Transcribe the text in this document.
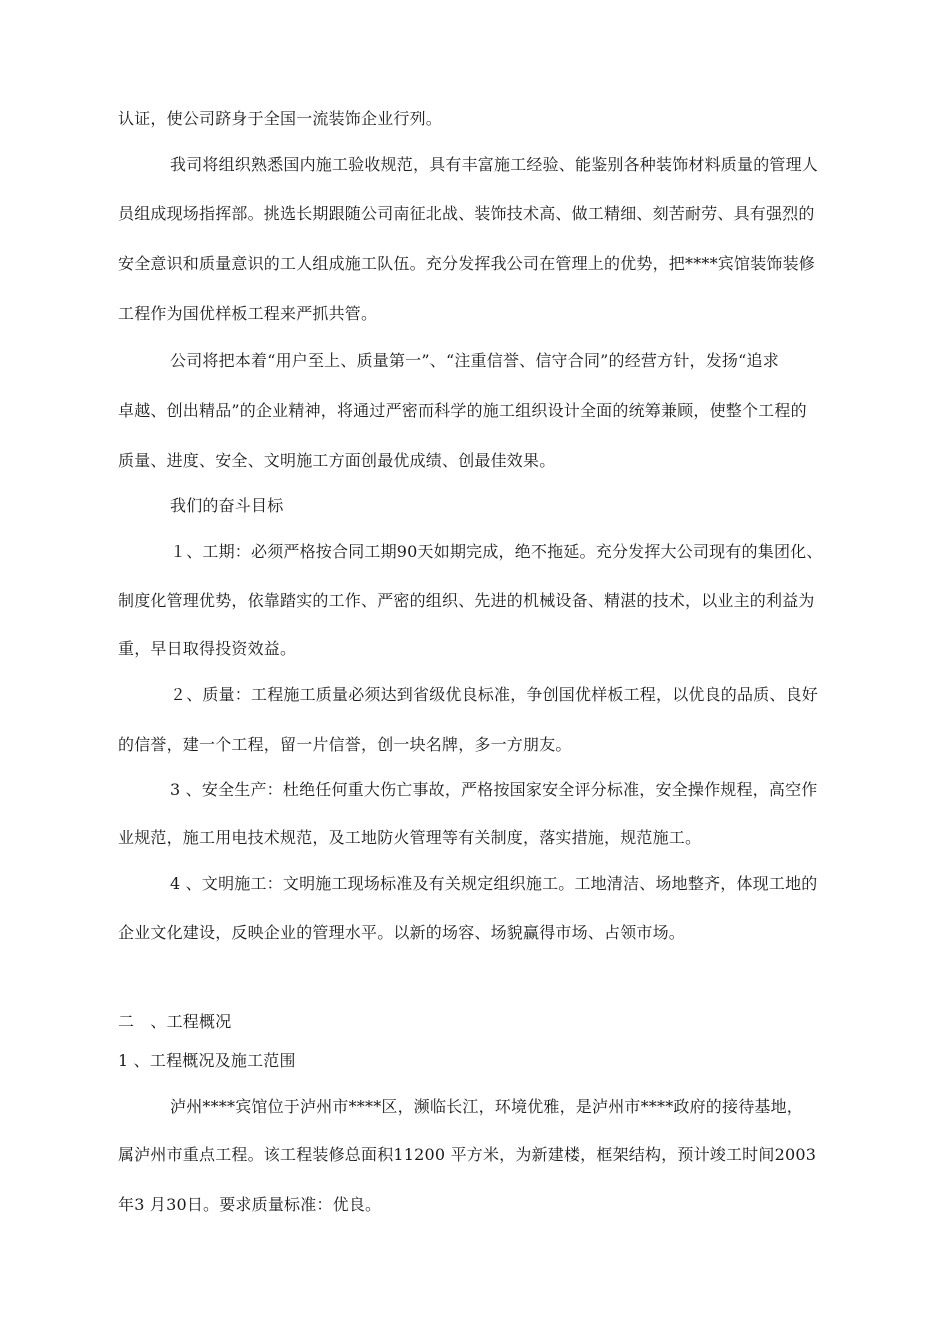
认证，使公司跻身于全国一流装饰企业行列。
我司将组织熟悉国内施工验收规范，具有丰富施工经验、能鉴别各种装饰材料质量的管理人
员组成现场指挥部。挑选长期跟随公司南征北战、装饰技术高、做工精细、刻苦耐劳、具有强烈的
安全意识和质量意识的工人组成施工队伍。充分发挥我公司在管理上的优势，把****宾馆装饰装修
工程作为国优样板工程来严抓共管。
公司将把本着“用户至上、质量第一”、“注重信誉、信守合同”的经营方针，发扬“追求
卓越、创出精品”的企业精神，将通过严密而科学的施工组织设计全面的统筹兼顾，使整个工程的
质量、进度、安全、文明施工方面创最优成绩、创最佳效果。
我们的奋斗目标
１、工期：必须严格按合同工期90天如期完成，绝不拖延。充分发挥大公司现有的集团化、
制度化管理优势，依靠踏实的工作、严密的组织、先进的机械设备、精湛的技术，以业主的利益为
重，早日取得投资效益。
２、质量：工程施工质量必须达到省级优良标准，争创国优样板工程，以优良的品质、良好
的信誉，建一个工程，留一片信誉，创一块名牌，多一方朋友。
3 、安全生产：杜绝任何重大伤亡事故，严格按国家安全评分标准，安全操作规程，高空作
业规范，施工用电技术规范，及工地防火管理等有关制度，落实措施，规范施工。
4 、文明施工：文明施工现场标准及有关规定组织施工。工地清洁、场地整齐，体现工地的
企业文化建设，反映企业的管理水平。以新的场容、场貌赢得市场、占领市场。
二　、工程概况
1 、工程概况及施工范围
泸州****宾馆位于泸州市****区，濒临长江，环境优雅，是泸州市****政府的接待基地，
属泸州市重点工程。该工程装修总面积11200 平方米，为新建楼，框架结构，预计竣工时间2003
年3 月30日。要求质量标准：优良。
